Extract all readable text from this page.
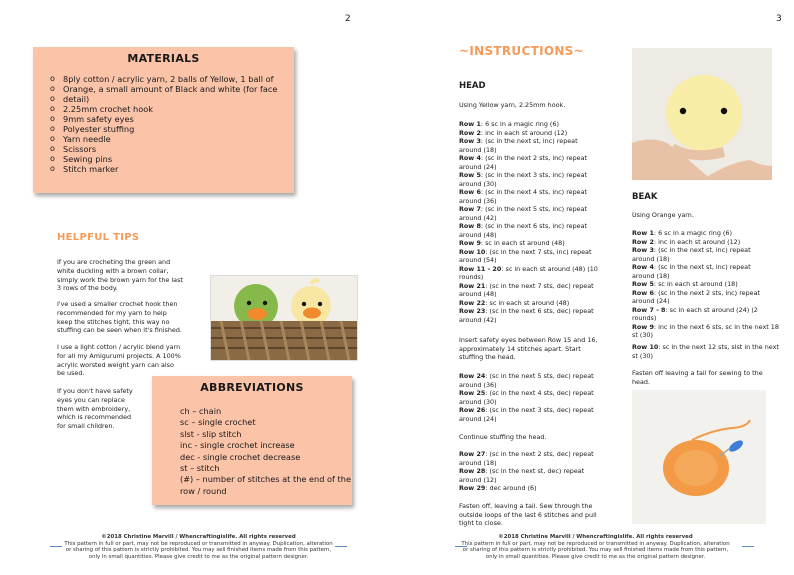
2
MATERIALS
o 8ply cotton / acrylic yarn, 2 balls of Yellow, 1 ball of
o Orange, a small amount of Black and white (for face
o detail)
o 2.25mm crochet hook
o 9mm safety eyes
o Polyester stuffing
o Yarn needle
o Scissors
o Sewing pins
o Stitch marker
HELPFUL TIPS
If you are crocheting the green and
white duckling with a brown collar,
simply work the brown yarn for the last
3 rows of the body.
I've used a smaller crochet hook then
recommended for my yarn to help
keep the stitches tight, this way no
stuffing can be seen when it's finished.
I use a light cotton / acrylic blend yarn
for all my Amigurumi projects. A 100%
acrylic worsted weight yarn can also
be used.
If you don't have safety
eyes you can replace
them with embroidery,
which is recommended
for small children.
ABBREVIATIONS
ch – chain
sc – single crochet
slst - slip stitch
inc - single crochet increase
dec - single crochet decrease
st – stitch
(#) – number of stitches at the end of the
row / round
©2018 Christine Marvill / Whencraftingislife. All rights reserved
This pattern in full or part, may not be reproduced or transmitted in anyway. Duplication, alteration
or sharing of this pattern is strictly prohibited. You may sell finished items made from this pattern,
only in small quantities. Please give credit to me as the original pattern designer.
3
~INSTRUCTIONS~
HEAD
Using Yellow yarn, 2.25mm hook.
Row 1: 6 sc in a magic ring (6)
Row 2: inc in each st around (12)
Row 3: (sc in the next st, inc) repeat
around (18)
Row 4: (sc in the next 2 sts, inc) repeat
around (24)
Row 5: (sc in the next 3 sts, inc) repeat
around (30)
Row 6: (sc in the next 4 sts, inc) repeat
around (36)
Row 7: (sc in the next 5 sts, inc) repeat
around (42)
Row 8: (sc in the next 6 sts, inc) repeat
around (48)
Row 9: sc in each st around (48)
Row 10: (sc in the next 7 sts, inc) repeat
around (54)
Row 11 - 20: sc in each st around (48) (10
rounds)
Row 21: (sc in the next 7 sts, dec) repeat
around (48)
Row 22: sc in each st around (48)
Row 23: (sc in the next 6 sts, dec) repeat
around (42)
Insert safety eyes between Row 15 and 16,
approximately 14 stitches apart. Start
stuffing the head.
Row 24: (sc in the next 5 sts, dec) repeat
around (36)
Row 25: (sc in the next 4 sts, dec) repeat
around (30)
Row 26: (sc in the next 3 sts, dec) repeat
around (24)
Continue stuffing the head.
Row 27: (sc in the next 2 sts, dec) repeat
around (18)
Row 28: (sc in the next st, dec) repeat
around (12)
Row 29: dec around (6)
Fasten off, leaving a tail. Sew through the
outside loops of the last 6 stitches and pull
tight to close.
BEAK
Using Orange yarn.
Row 1: 6 sc in a magic ring (6)
Row 2: inc in each st around (12)
Row 3: (sc in the next st, inc) repeat
around (18)
Row 4: (sc in the next st, inc) repeat
around (18)
Row 5: sc in each st around (18)
Row 6: (sc in the next 2 sts, inc) repeat
around (24)
Row 7 - 8: sc in each st around (24) (2
rounds)
Row 9: inc in the next 6 sts, sc in the next 18
st (30)
Row 10: sc in the next 12 sts, slst in the next
st (30)
Fasten off leaving a tail for sewing to the
head.
©2018 Christine Marvill / Whencraftingislife. All rights reserved
This pattern in full or part, may not be reproduced or transmitted in anyway. Duplication, alteration
or sharing of this pattern is strictly prohibited. You may sell finished items made from this pattern,
only in small quantities. Please give credit to me as the original pattern designer.
